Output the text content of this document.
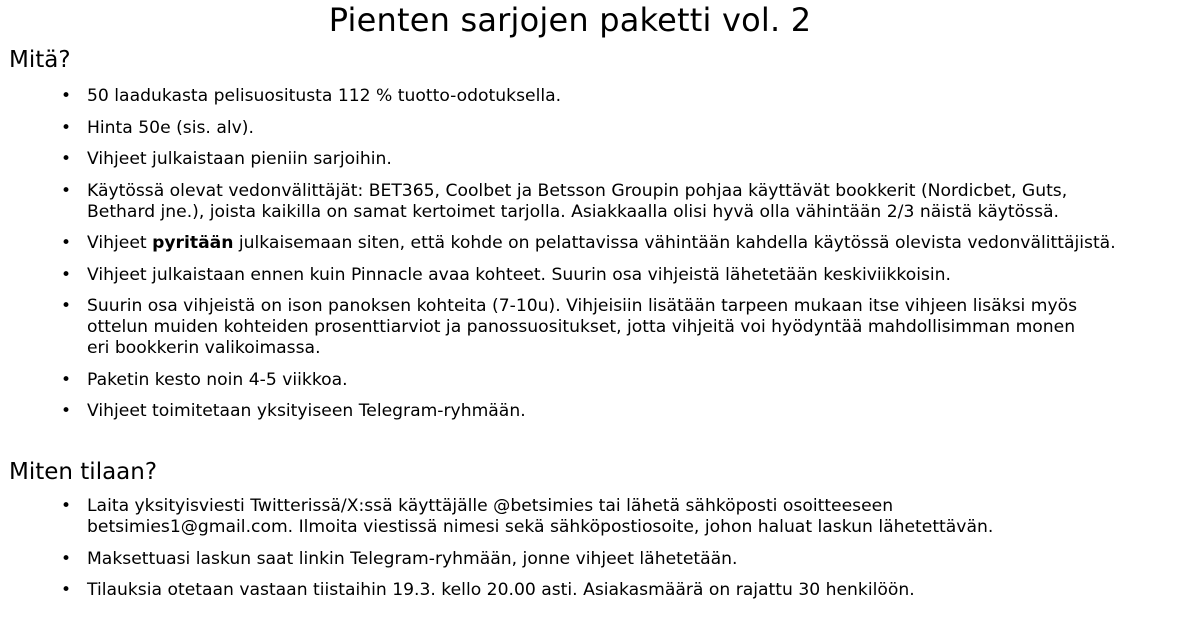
Pienten sarjojen paketti vol. 2
Mitä?
• 50 laadukasta pelisuositusta 112 % tuotto-odotuksella.
• Hinta 50e (sis. alv).
• Vihjeet julkaistaan pieniin sarjoihin.
• Käytössä olevat vedonvälittäjät: BET365, Coolbet ja Betsson Groupin pohjaa käyttävät bookkerit (Nordicbet, Guts,
Bethard jne.), joista kaikilla on samat kertoimet tarjolla. Asiakkaalla olisi hyvä olla vähintään 2/3 näistä käytössä.
• Vihjeet pyritään julkaisemaan siten, että kohde on pelattavissa vähintään kahdella käytössä olevista vedonvälittäjistä.
• Vihjeet julkaistaan ennen kuin Pinnacle avaa kohteet. Suurin osa vihjeistä lähetetään keskiviikkoisin.
• Suurin osa vihjeistä on ison panoksen kohteita (7-10u). Vihjeisiin lisätään tarpeen mukaan itse vihjeen lisäksi myös
ottelun muiden kohteiden prosenttiarviot ja panossuositukset, jotta vihjeitä voi hyödyntää mahdollisimman monen
eri bookkerin valikoimassa.
• Paketin kesto noin 4-5 viikkoa.
• Vihjeet toimitetaan yksityiseen Telegram-ryhmään.
Miten tilaan?
• Laita yksityisviesti Twitterissä/X:ssä käyttäjälle @betsimies tai lähetä sähköposti osoitteeseen
betsimies1@gmail.com. Ilmoita viestissä nimesi sekä sähköpostiosoite, johon haluat laskun lähetettävän.
• Maksettuasi laskun saat linkin Telegram-ryhmään, jonne vihjeet lähetetään.
• Tilauksia otetaan vastaan tiistaihin 19.3. kello 20.00 asti. Asiakasmäärä on rajattu 30 henkilöön.
